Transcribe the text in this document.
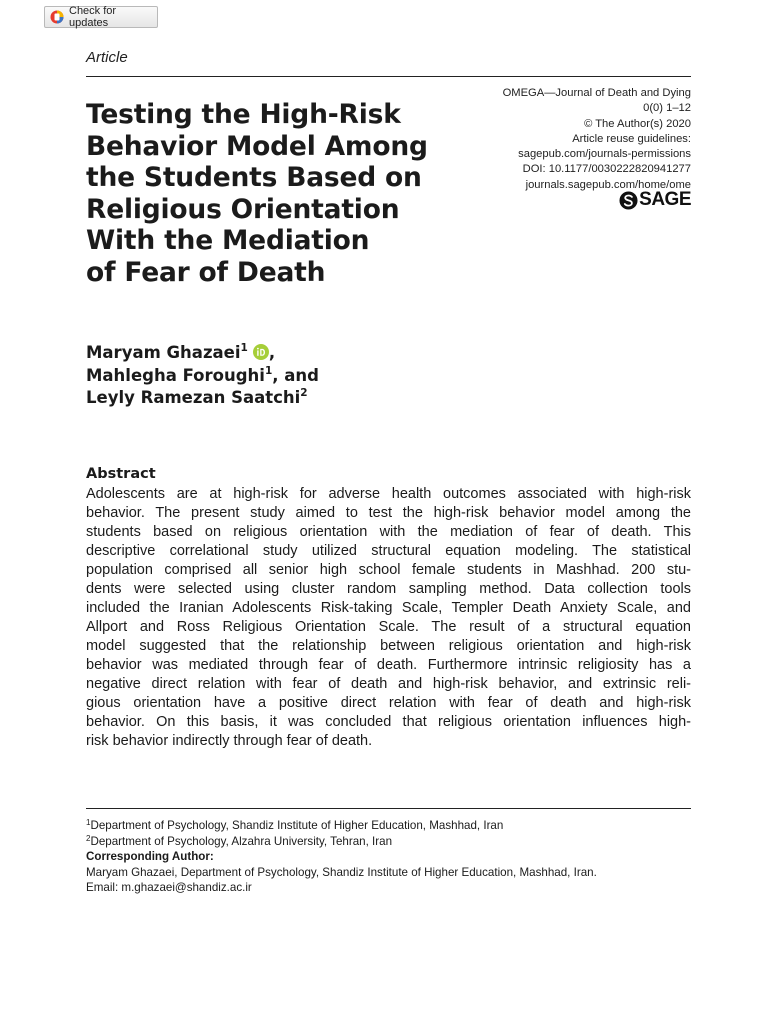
Check for updates
Article
OMEGA—Journal of Death and Dying
0(0) 1–12
© The Author(s) 2020
Article reuse guidelines:
sagepub.com/journals-permissions
DOI: 10.1177/0030222820941277
journals.sagepub.com/home/ome
SAGE
Testing the High-Risk
Behavior Model Among
the Students Based on
Religious Orientation
With the Mediation
of Fear of Death
Maryam Ghazaei$^1$ ,
Mahlegha Foroughi$^1$, and
Leyly Ramezan Saatchi$^2$
Abstract
Adolescents are at high-risk for adverse health outcomes associated with high-risk
behavior. The present study aimed to test the high-risk behavior model among the
students based on religious orientation with the mediation of fear of death. This
descriptive correlational study utilized structural equation modeling. The statistical
population comprised all senior high school female students in Mashhad. 200 stu-
dents were selected using cluster random sampling method. Data collection tools
included the Iranian Adolescents Risk-taking Scale, Templer Death Anxiety Scale, and
Allport and Ross Religious Orientation Scale. The result of a structural equation
model suggested that the relationship between religious orientation and high-risk
behavior was mediated through fear of death. Furthermore intrinsic religiosity has a
negative direct relation with fear of death and high-risk behavior, and extrinsic reli-
gious orientation have a positive direct relation with fear of death and high-risk
behavior. On this basis, it was concluded that religious orientation influences high-
risk behavior indirectly through fear of death.
$^1$Department of Psychology, Shandiz Institute of Higher Education, Mashhad, Iran
$^2$Department of Psychology, Alzahra University, Tehran, Iran
Corresponding Author:
Maryam Ghazaei, Department of Psychology, Shandiz Institute of Higher Education, Mashhad, Iran.
Email: m.ghazaei@shandiz.ac.ir
